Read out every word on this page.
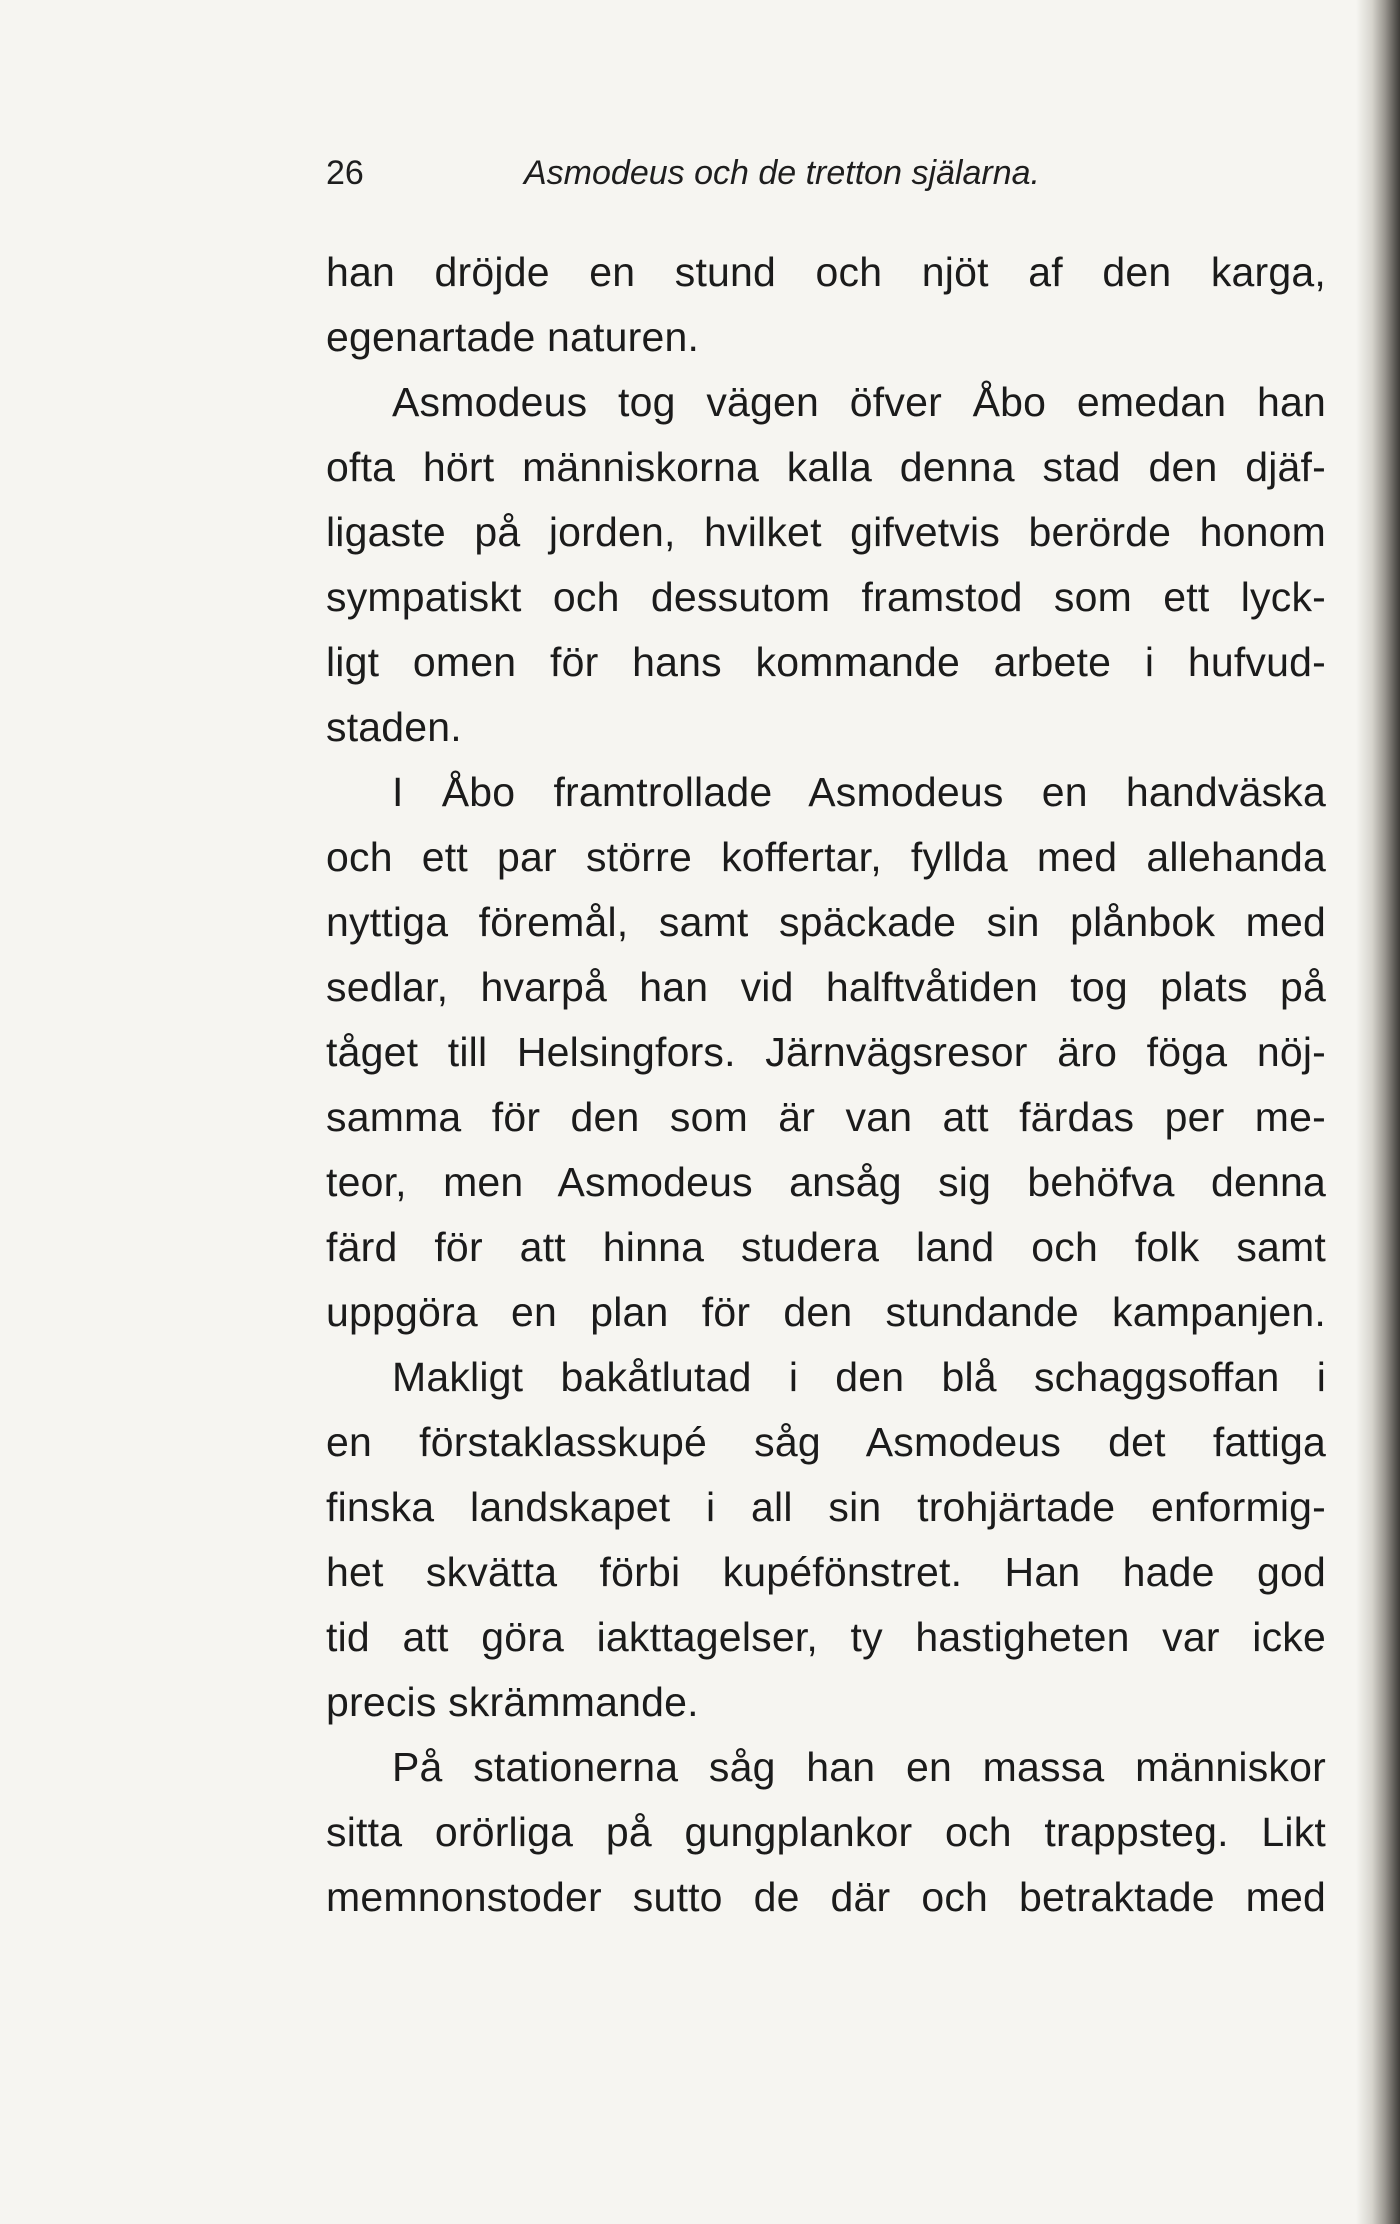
26	Asmodeus och de tretton själarna.
han dröjde en stund och njöt af den karga,
egenartade naturen.
Asmodeus tog vägen öfver Åbo emedan han
ofta hört människorna kalla denna stad den djäf-
ligaste på jorden, hvilket gifvetvis berörde honom
sympatiskt och dessutom framstod som ett lyck-
ligt omen för hans kommande arbete i hufvud-
staden.
I Åbo framtrollade Asmodeus en handväska
och ett par större koffertar, fyllda med allehanda
nyttiga föremål, samt späckade sin plånbok med
sedlar, hvarpå han vid halftvåtiden tog plats på
tåget till Helsingfors. Järnvägsresor äro föga nöj-
samma för den som är van att färdas per me-
teor, men Asmodeus ansåg sig behöfva denna
färd för att hinna studera land och folk samt
uppgöra en plan för den stundande kampanjen.
Makligt bakåtlutad i den blå schaggsoffan i
en förstaklasskupé såg Asmodeus det fattiga
finska landskapet i all sin trohjärtade enformig-
het skvätta förbi kupéfönstret. Han hade god
tid att göra iakttagelser, ty hastigheten var icke
precis skrämmande.
På stationerna såg han en massa människor
sitta orörliga på gungplankor och trappsteg. Likt
memnonstoder sutto de där och betraktade med
